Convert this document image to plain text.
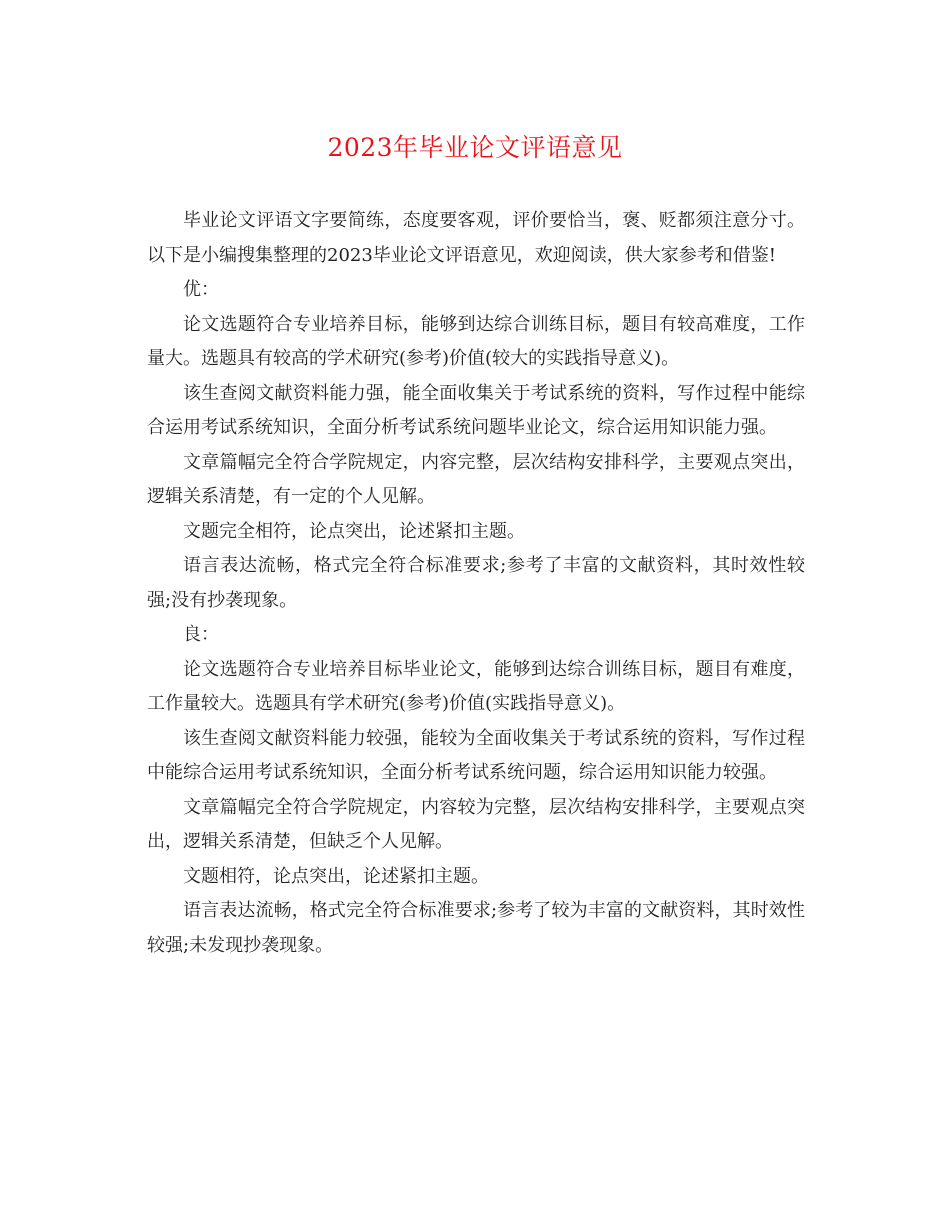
2023年毕业论文评语意见

毕业论文评语文字要简练，态度要客观，评价要恰当，褒、贬都须注意分寸。以下是小编搜集整理的2023毕业论文评语意见，欢迎阅读，供大家参考和借鉴!

优：

论文选题符合专业培养目标，能够到达综合训练目标，题目有较高难度，工作量大。选题具有较高的学术研究(参考)价值(较大的实践指导意义)。

该生查阅文献资料能力强，能全面收集关于考试系统的资料，写作过程中能综合运用考试系统知识，全面分析考试系统问题毕业论文，综合运用知识能力强。

文章篇幅完全符合学院规定，内容完整，层次结构安排科学，主要观点突出，逻辑关系清楚，有一定的个人见解。

文题完全相符，论点突出，论述紧扣主题。

语言表达流畅，格式完全符合标准要求;参考了丰富的文献资料，其时效性较强;没有抄袭现象。

良：

论文选题符合专业培养目标毕业论文，能够到达综合训练目标，题目有难度，工作量较大。选题具有学术研究(参考)价值(实践指导意义)。

该生查阅文献资料能力较强，能较为全面收集关于考试系统的资料，写作过程中能综合运用考试系统知识，全面分析考试系统问题，综合运用知识能力较强。

文章篇幅完全符合学院规定，内容较为完整，层次结构安排科学，主要观点突出，逻辑关系清楚，但缺乏个人见解。

文题相符，论点突出，论述紧扣主题。

语言表达流畅，格式完全符合标准要求;参考了较为丰富的文献资料，其时效性较强;未发现抄袭现象。
